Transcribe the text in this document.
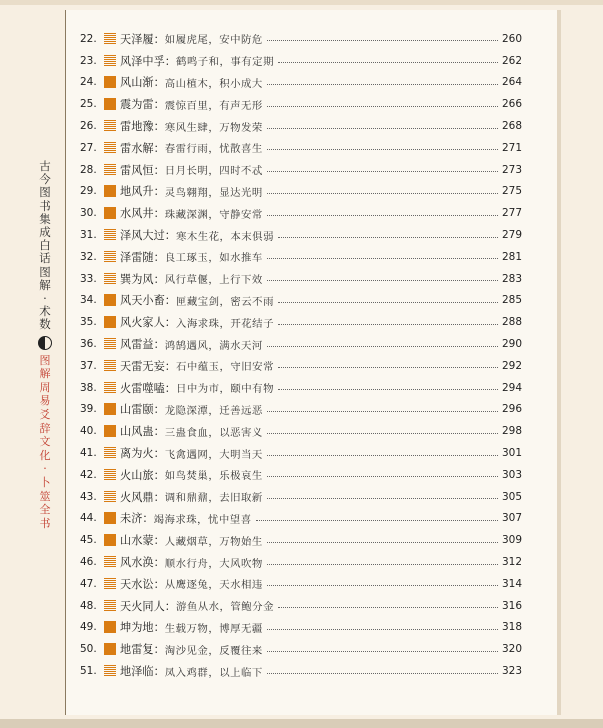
古
今
图
书
集
成
白
话
图
解
·
术
数
图
解
周
易
爻
辞
文
化
·
卜
筮
全
书
22.	天泽履： 如履虎尾，安中防危	260
23.	风泽中孚： 鹤鸣子和，事有定期	262
24.	风山渐： 高山植木，积小成大	264
25.	震为雷： 震惊百里，有声无形	266
26.	雷地豫： 寒风生肆，万物发荣	268
27.	雷水解： 春雷行雨，忧散喜生	271
28.	雷风恒： 日月长明，四时不忒	273
29.	地风升： 灵鸟翱翔，显达光明	275
30.	水风井： 珠藏深渊，守静安常	277
31.	泽风大过： 寒木生花，本末俱弱	279
32.	泽雷随： 良工琢玉，如水推车	281
33.	巽为风： 风行草偃，上行下效	283
34.	风天小畜： 匣藏宝剑，密云不雨	285
35.	风火家人： 入海求珠，开花结子	288
36.	风雷益： 鸿鹄遇风，满水天河	290
37.	天雷无妄： 石中蕴玉，守旧安常	292
38.	火雷噬嗑： 日中为市，颐中有物	294
39.	山雷颐： 龙隐深潭，迁善远恶	296
40.	山风蛊： 三蛊食血，以恶害义	298
41.	离为火： 飞禽遇网，大明当天	301
42.	火山旅： 如鸟焚巢，乐极哀生	303
43.	火风鼎： 调和鼎鼐，去旧取新	305
44.	未济： 竭海求珠，忧中望喜	307
45.	山水蒙： 人藏烟草，万物始生	309
46.	风水涣： 顺水行舟，大风吹物	312
47.	天水讼： 从鹰逐兔，天水相违	314
48.	天火同人： 游鱼从水，管鲍分金	316
49.	坤为地： 生载万物，博厚无疆	318
50.	地雷复： 淘沙见金，反覆往来	320
51.	地泽临： 凤入鸡群，以上临下	323
